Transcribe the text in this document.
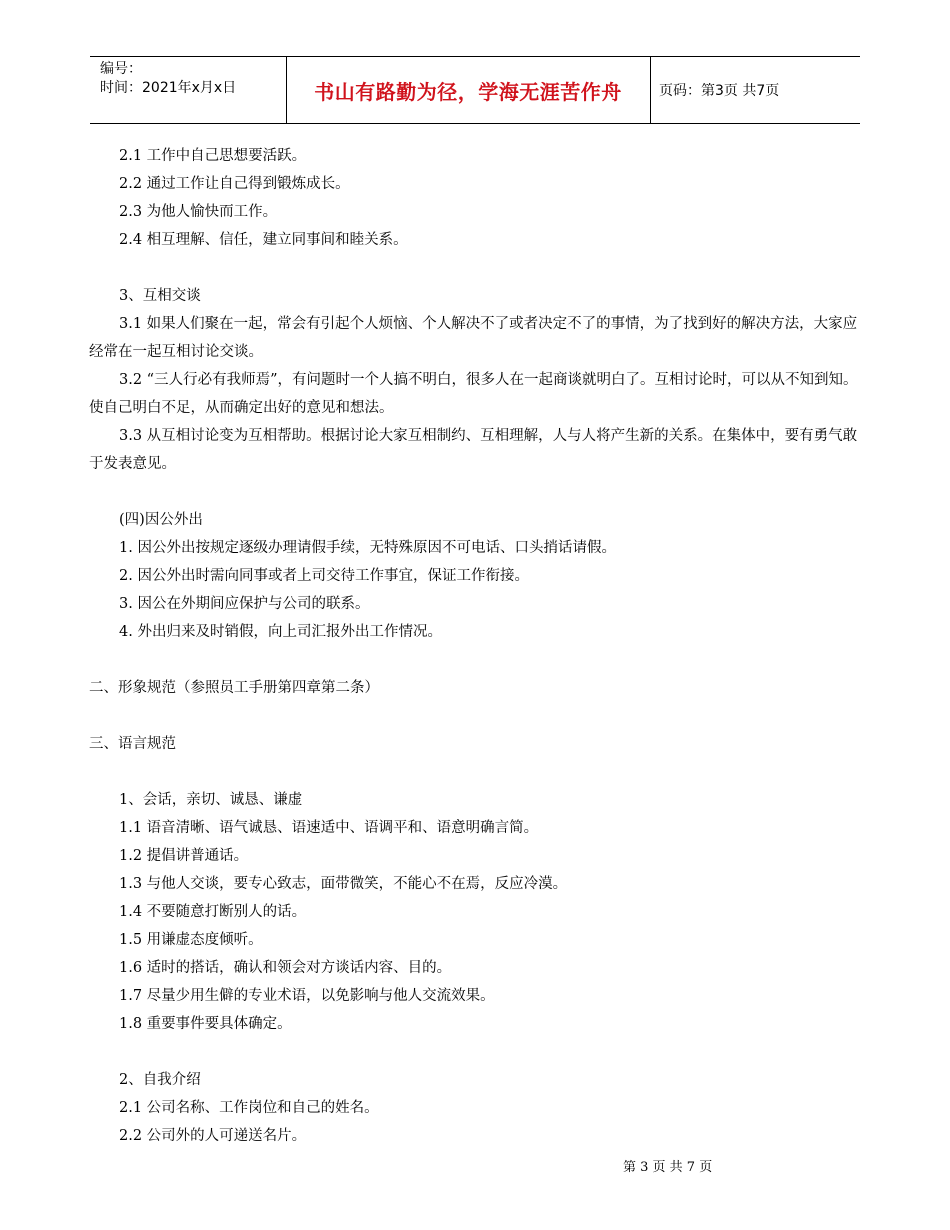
编号：
时间：2021年x月x日	书山有路勤为径，学海无涯苦作舟	页码：第3页 共7页

2.1 工作中自己思想要活跃。

2.2 通过工作让自己得到锻炼成长。

2.3 为他人愉快而工作。

2.4 相互理解、信任，建立同事间和睦关系。

3、互相交谈

3.1 如果人们聚在一起，常会有引起个人烦恼、个人解决不了或者决定不了的事情，为了找到好的解决方法，大家应经常在一起互相讨论交谈。

3.2 “三人行必有我师焉”，有问题时一个人搞不明白，很多人在一起商谈就明白了。互相讨论时，可以从不知到知。使自己明白不足，从而确定出好的意见和想法。

3.3 从互相讨论变为互相帮助。根据讨论大家互相制约、互相理解，人与人将产生新的关系。在集体中，要有勇气敢于发表意见。

(四)因公外出

1. 因公外出按规定逐级办理请假手续，无特殊原因不可电话、口头捎话请假。

2. 因公外出时需向同事或者上司交待工作事宜，保证工作衔接。

3. 因公在外期间应保护与公司的联系。

4. 外出归来及时销假，向上司汇报外出工作情况。

二、形象规范（参照员工手册第四章第二条）

三、语言规范

1、会话，亲切、诚恳、谦虚

1.1 语音清晰、语气诚恳、语速适中、语调平和、语意明确言简。

1.2 提倡讲普通话。

1.3 与他人交谈，要专心致志，面带微笑，不能心不在焉，反应冷漠。

1.4 不要随意打断别人的话。

1.5 用谦虚态度倾听。

1.6 适时的搭话，确认和领会对方谈话内容、目的。

1.7 尽量少用生僻的专业术语，以免影响与他人交流效果。

1.8 重要事件要具体确定。

2、自我介绍

2.1 公司名称、工作岗位和自己的姓名。

2.2 公司外的人可递送名片。

第 3 页 共 7 页
